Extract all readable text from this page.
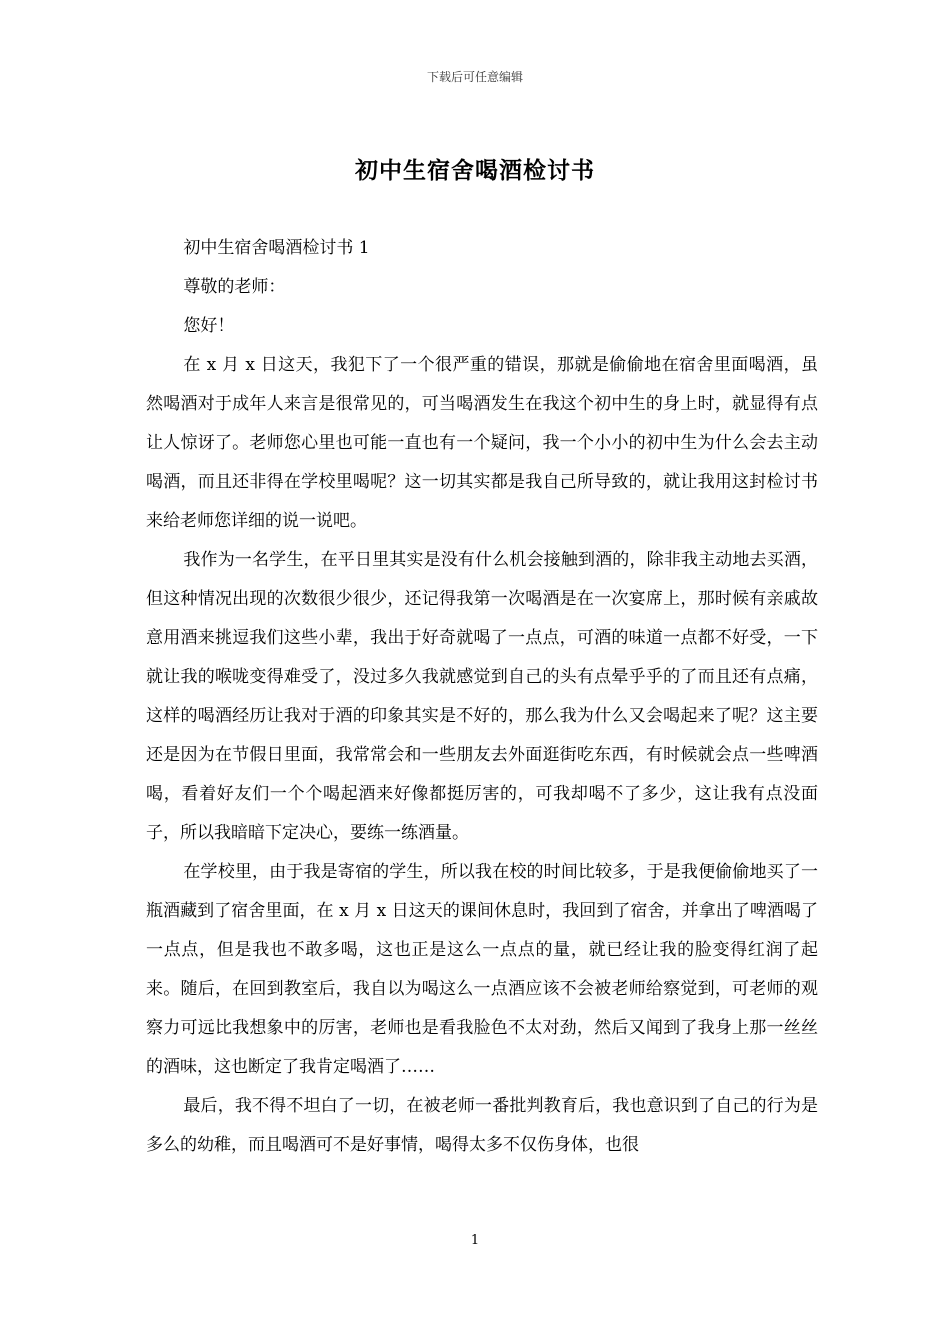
下载后可任意编辑
初中生宿舍喝酒检讨书

初中生宿舍喝酒检讨书 1

尊敬的老师：

您好！

在 x 月 x 日这天，我犯下了一个很严重的错误，那就是偷偷地在宿舍里面喝酒，虽然喝酒对于成年人来言是很常见的，可当喝酒发生在我这个初中生的身上时，就显得有点让人惊讶了。老师您心里也可能一直也有一个疑问，我一个小小的初中生为什么会去主动喝酒，而且还非得在学校里喝呢？这一切其实都是我自己所导致的，就让我用这封检讨书来给老师您详细的说一说吧。

我作为一名学生，在平日里其实是没有什么机会接触到酒的，除非我主动地去买酒，但这种情况出现的次数很少很少，还记得我第一次喝酒是在一次宴席上，那时候有亲戚故意用酒来挑逗我们这些小辈，我出于好奇就喝了一点点，可酒的味道一点都不好受，一下就让我的喉咙变得难受了，没过多久我就感觉到自己的头有点晕乎乎的了而且还有点痛，这样的喝酒经历让我对于酒的印象其实是不好的，那么我为什么又会喝起来了呢？这主要还是因为在节假日里面，我常常会和一些朋友去外面逛街吃东西，有时候就会点一些啤酒喝，看着好友们一个个喝起酒来好像都挺厉害的，可我却喝不了多少，这让我有点没面子，所以我暗暗下定决心，要练一练酒量。

在学校里，由于我是寄宿的学生，所以我在校的时间比较多，于是我便偷偷地买了一瓶酒藏到了宿舍里面，在 x 月 x 日这天的课间休息时，我回到了宿舍，并拿出了啤酒喝了一点点，但是我也不敢多喝，这也正是这么一点点的量，就已经让我的脸变得红润了起来。随后，在回到教室后，我自以为喝这么一点酒应该不会被老师给察觉到，可老师的观察力可远比我想象中的厉害，老师也是看我脸色不太对劲，然后又闻到了我身上那一丝丝的酒味，这也断定了我肯定喝酒了……

最后，我不得不坦白了一切，在被老师一番批判教育后，我也意识到了自己的行为是多么的幼稚，而且喝酒可不是好事情，喝得太多不仅伤身体，也很

1
